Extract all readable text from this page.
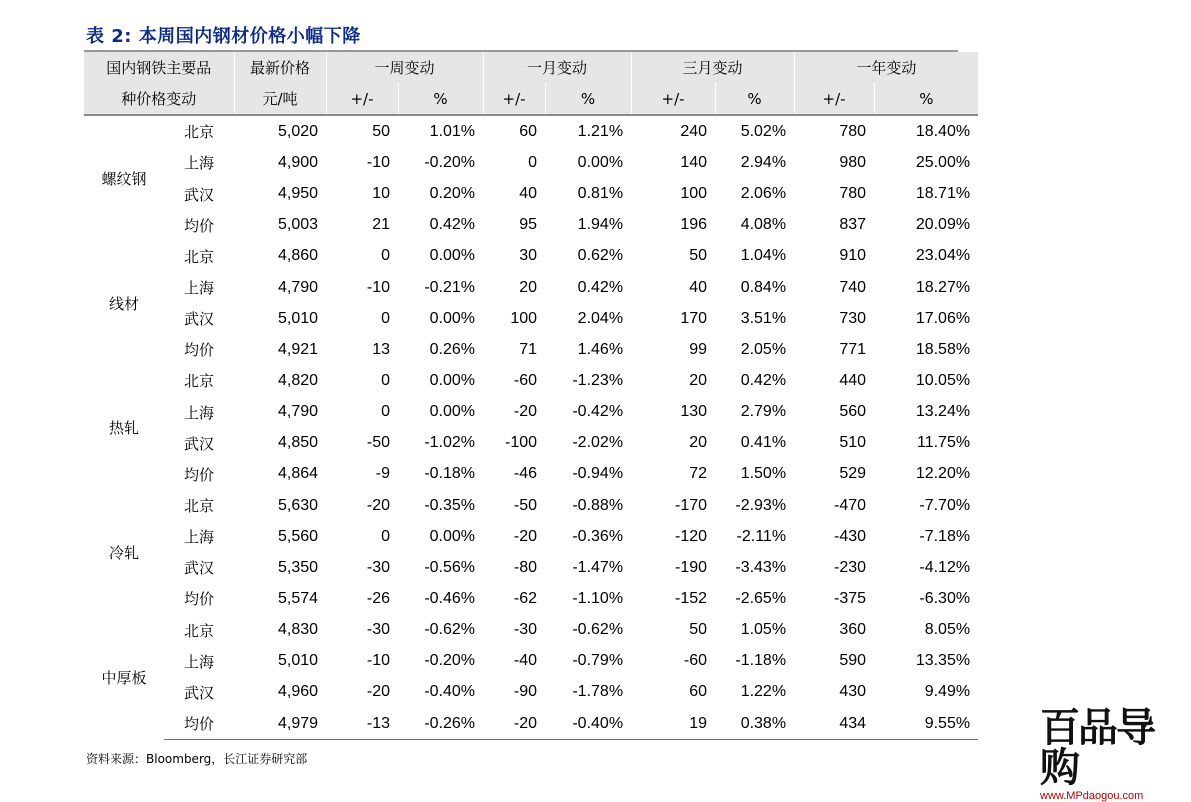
表 2: 本周国内钢材价格小幅下降
国内钢铁主要品		最新价格	一周变动		一月变动		三月变动		一年变动	
种价格变动		元/吨	+/-	%	+/-	%	+/-	%	+/-	%
螺纹钢	北京	5,020	50	1.01%	60	1.21%	240	5.02%	780	18.40%
	上海	4,900	-10	-0.20%	0	0.00%	140	2.94%	980	25.00%
	武汉	4,950	10	0.20%	40	0.81%	100	2.06%	780	18.71%
	均价	5,003	21	0.42%	95	1.94%	196	4.08%	837	20.09%
线材	北京	4,860	0	0.00%	30	0.62%	50	1.04%	910	23.04%
	上海	4,790	-10	-0.21%	20	0.42%	40	0.84%	740	18.27%
	武汉	5,010	0	0.00%	100	2.04%	170	3.51%	730	17.06%
	均价	4,921	13	0.26%	71	1.46%	99	2.05%	771	18.58%
热轧	北京	4,820	0	0.00%	-60	-1.23%	20	0.42%	440	10.05%
	上海	4,790	0	0.00%	-20	-0.42%	130	2.79%	560	13.24%
	武汉	4,850	-50	-1.02%	-100	-2.02%	20	0.41%	510	11.75%
	均价	4,864	-9	-0.18%	-46	-0.94%	72	1.50%	529	12.20%
冷轧	北京	5,630	-20	-0.35%	-50	-0.88%	-170	-2.93%	-470	-7.70%
	上海	5,560	0	0.00%	-20	-0.36%	-120	-2.11%	-430	-7.18%
	武汉	5,350	-30	-0.56%	-80	-1.47%	-190	-3.43%	-230	-4.12%
	均价	5,574	-26	-0.46%	-62	-1.10%	-152	-2.65%	-375	-6.30%
中厚板	北京	4,830	-30	-0.62%	-30	-0.62%	50	1.05%	360	8.05%
	上海	5,010	-10	-0.20%	-40	-0.79%	-60	-1.18%	590	13.35%
	武汉	4,960	-20	-0.40%	-90	-1.78%	60	1.22%	430	9.49%
	均价	4,979	-13	-0.26%	-20	-0.40%	19	0.38%	434	9.55%
资料来源：Bloomberg，长江证券研究部
百品导购
www.MPdaogou.com
